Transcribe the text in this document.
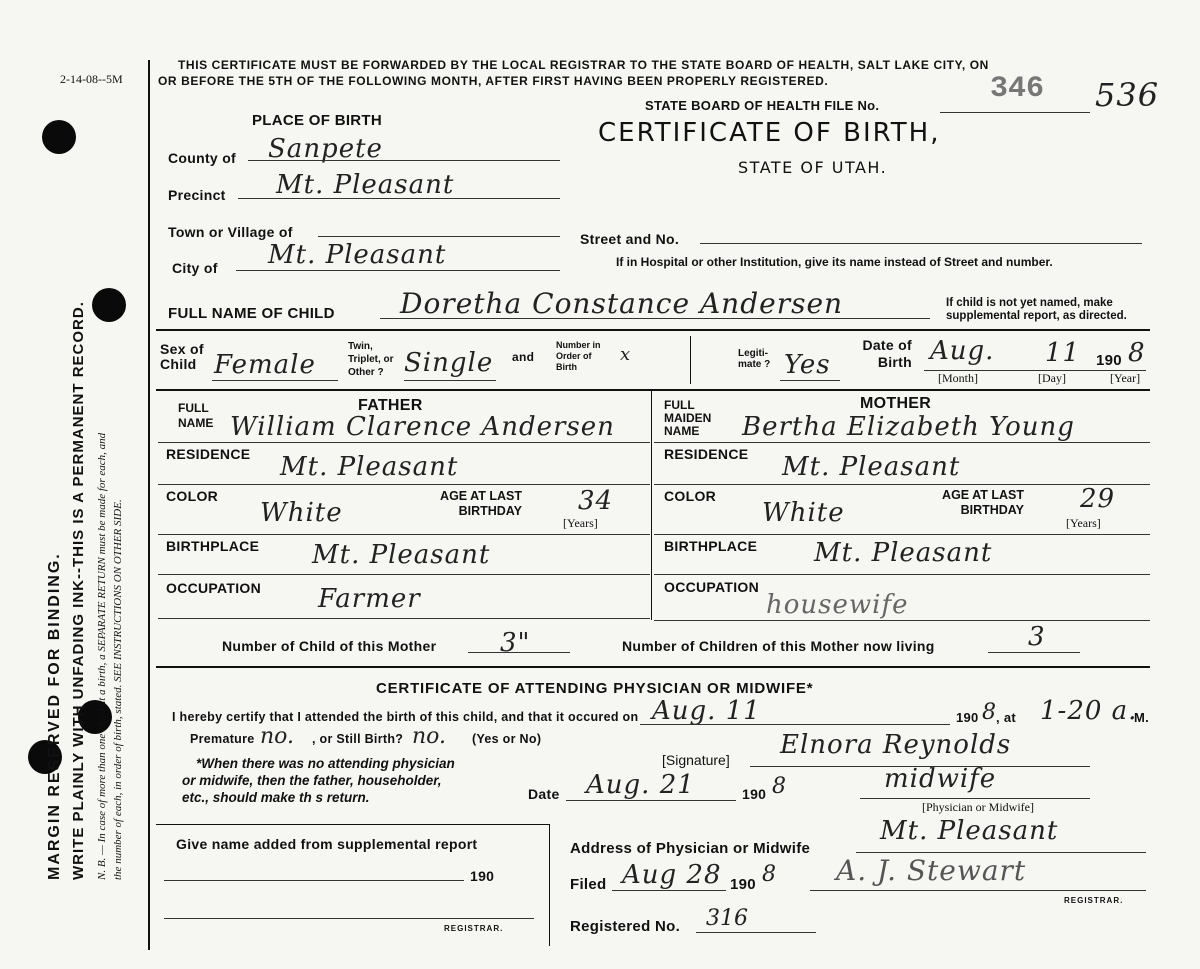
2-14-08--5M
WRITE PLAINLY WITH UNFADING INK--THIS IS A PERMANENT RECORD.
MARGIN RESERVED FOR BINDING.	N. B. — In case of more than one child at a birth, a SEPARATE RETURN must be made for each, and the number of each, in order of birth, stated. SEE INSTRUCTIONS ON OTHER SIDE.
THIS CERTIFICATE MUST BE FORWARDED BY THE LOCAL REGISTRAR TO THE STATE BOARD OF HEALTH, SALT LAKE CITY, ON
OR BEFORE THE 5TH OF THE FOLLOWING MONTH, AFTER FIRST HAVING BEEN PROPERLY REGISTERED.
STATE BOARD OF HEALTH FILE No.	346 536
CERTIFICATE OF BIRTH,
STATE OF UTAH.
PLACE OF BIRTH
County of Sanpete
Precinct Mt. Pleasant
Town or Village of
City of Mt. Pleasant
Street and No.
If in Hospital or other Institution, give its name instead of Street and number.
FULL NAME OF CHILD Doretha Constance Andersen	If child is not yet named, make supplemental report, as directed.
Sex of Child Female
Twin, Triplet, or Other ? Single and
Number in Order of Birth
x	Legiti- mate ? Yes
Date of Birth Aug. 11 190 8
[Month]	[Day]	[Year]
FATHER
FULL NAME William Clarence Andersen
RESIDENCE Mt. Pleasant
COLOR
White
AGE AT LAST BIRTHDAY 34
[Years]
BIRTHPLACE Mt. Pleasant
OCCUPATION Farmer
MOTHER
FULL MAIDEN NAME	Bertha Elizabeth Young
RESIDENCE Mt. Pleasant
COLOR
White
AGE AT LAST BIRTHDAY 29
[Years]
BIRTHPLACE Mt. Pleasant
OCCUPATION
housewife
Number of Child of this Mother 3"	Number of Children of this Mother now living	3
CERTIFICATE OF ATTENDING PHYSICIAN OR MIDWIFE*
I hereby certify that I attended the birth of this child, and that it occured on Aug. 11	190 8 , at 1-20 a.
M.
Premature no. , or Still Birth? no. (Yes or No)
*When there was no attending physician
or midwife, then the father, householder,
etc., should make th s return.
[Signature] Elnora Reynolds
Date Aug. 21	190 8	midwife
[Physician or Midwife]
Address of Physician or Midwife
Mt. Pleasant
Give name added from supplemental report
190
REGISTRAR.
Filed Aug 28 190 8 A. J. Stewart
REGISTRAR.
Registered No. 316
